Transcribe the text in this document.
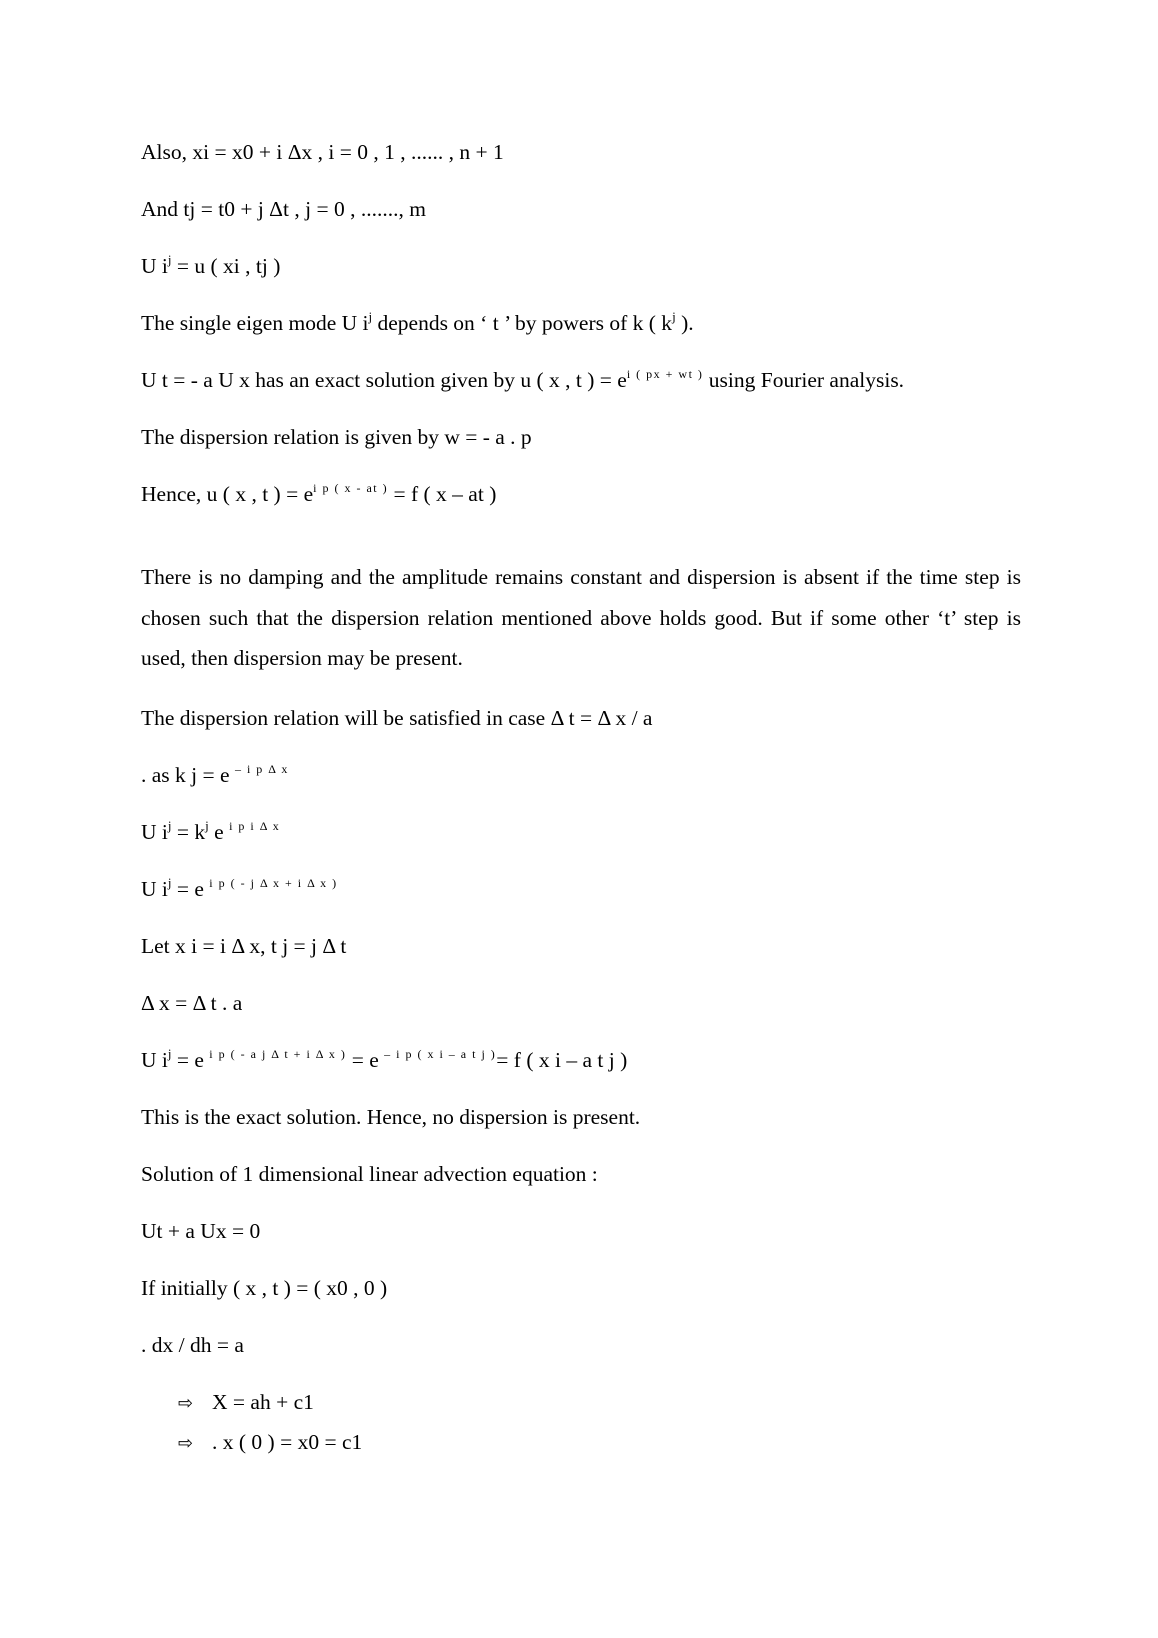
Also, xi = x0 + i Δx , i = 0 , 1 , ...... , n + 1
And tj = t0 + j Δt , j = 0 , ......., m
U $i^j = u$ ( xi , tj )
The single eigen mode U $i^j$ depends on ‘ t ’ by powers of k ( $k^j$ ).
U t = - a U x has an exact solution given by u ( x , t ) = $e^{i ( px + wt )}$ using Fourier analysis.
The dispersion relation is given by w = - a . p
Hence, u ( x , t ) = $e^{i p ( x - at )} = f$ ( x – at )

There is no damping and the amplitude remains constant and dispersion is absent if the time step is chosen such that the dispersion relation mentioned above holds good. But if some other ‘t’ step is used, then dispersion may be present.

The dispersion relation will be satisfied in case Δ t = Δ x / a
. as k j = e $^{- i p \Delta x}$
U $i^j = k^j$ e $^{i p i \Delta x}$
U $i^j = e$ $^{i p ( - j \Delta x + i \Delta x )}$
Let x i = i Δ x, t j = j Δ t
Δ x = Δ t . a
U $i^j = e$ $^{i p ( - a j \Delta t + i \Delta x )}$ = e $^{- i p ( x i - a t j )}$= f ( x i – a t j )
This is the exact solution. Hence, no dispersion is present.
Solution of 1 dimensional linear advection equation :
Ut + a Ux = 0
If initially ( x , t ) = ( x0 , 0 )
. dx / dh = a
⇨ X = ah + c1
⇨ . x ( 0 ) = x0 = c1
